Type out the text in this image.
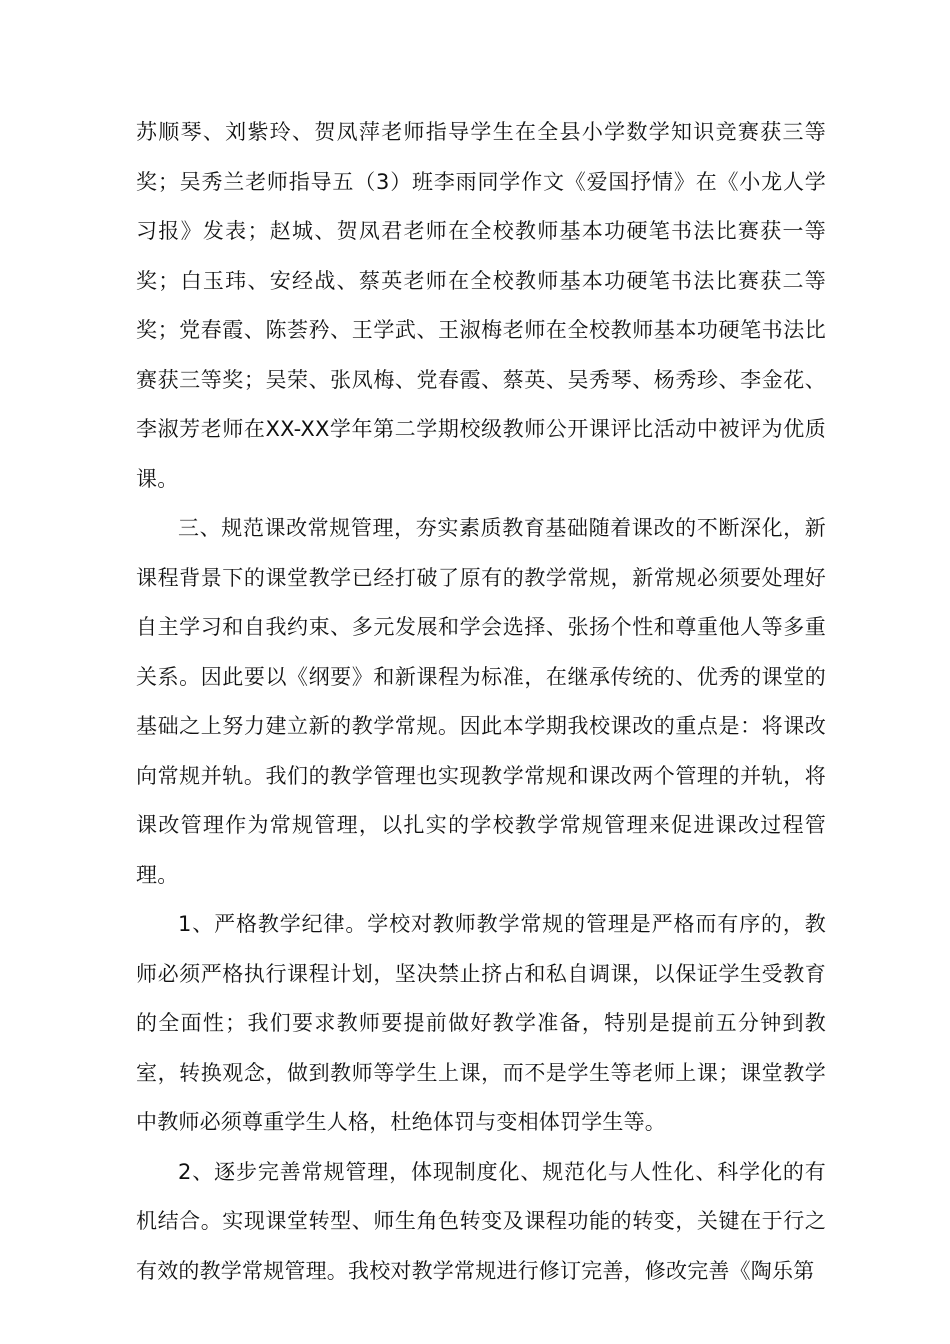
苏顺琴、刘紫玲、贺凤萍老师指导学生在全县小学数学知识竞赛获三等奖；吴秀兰老师指导五（3）班李雨同学作文《爱国抒情》在《小龙人学习报》发表；赵城、贺凤君老师在全校教师基本功硬笔书法比赛获一等奖；白玉玮、安经战、蔡英老师在全校教师基本功硬笔书法比赛获二等奖；党春霞、陈荟矜、王学武、王淑梅老师在全校教师基本功硬笔书法比赛获三等奖；吴荣、张凤梅、党春霞、蔡英、吴秀琴、杨秀珍、李金花、李淑芳老师在XX-XX学年第二学期校级教师公开课评比活动中被评为优质课。

三、规范课改常规管理，夯实素质教育基础随着课改的不断深化，新课程背景下的课堂教学已经打破了原有的教学常规，新常规必须要处理好自主学习和自我约束、多元发展和学会选择、张扬个性和尊重他人等多重关系。因此要以《纲要》和新课程为标准，在继承传统的、优秀的课堂的基础之上努力建立新的教学常规。因此本学期我校课改的重点是：将课改向常规并轨。我们的教学管理也实现教学常规和课改两个管理的并轨，将课改管理作为常规管理，以扎实的学校教学常规管理来促进课改过程管理。

1、严格教学纪律。学校对教师教学常规的管理是严格而有序的，教师必须严格执行课程计划，坚决禁止挤占和私自调课，以保证学生受教育的全面性；我们要求教师要提前做好教学准备，特别是提前五分钟到教室，转换观念，做到教师等学生上课，而不是学生等老师上课；课堂教学中教师必须尊重学生人格，杜绝体罚与变相体罚学生等。

2、逐步完善常规管理，体现制度化、规范化与人性化、科学化的有机结合。实现课堂转型、师生角色转变及课程功能的转变，关键在于行之有效的教学常规管理。我校对教学常规进行修订完善，修改完善《陶乐第
